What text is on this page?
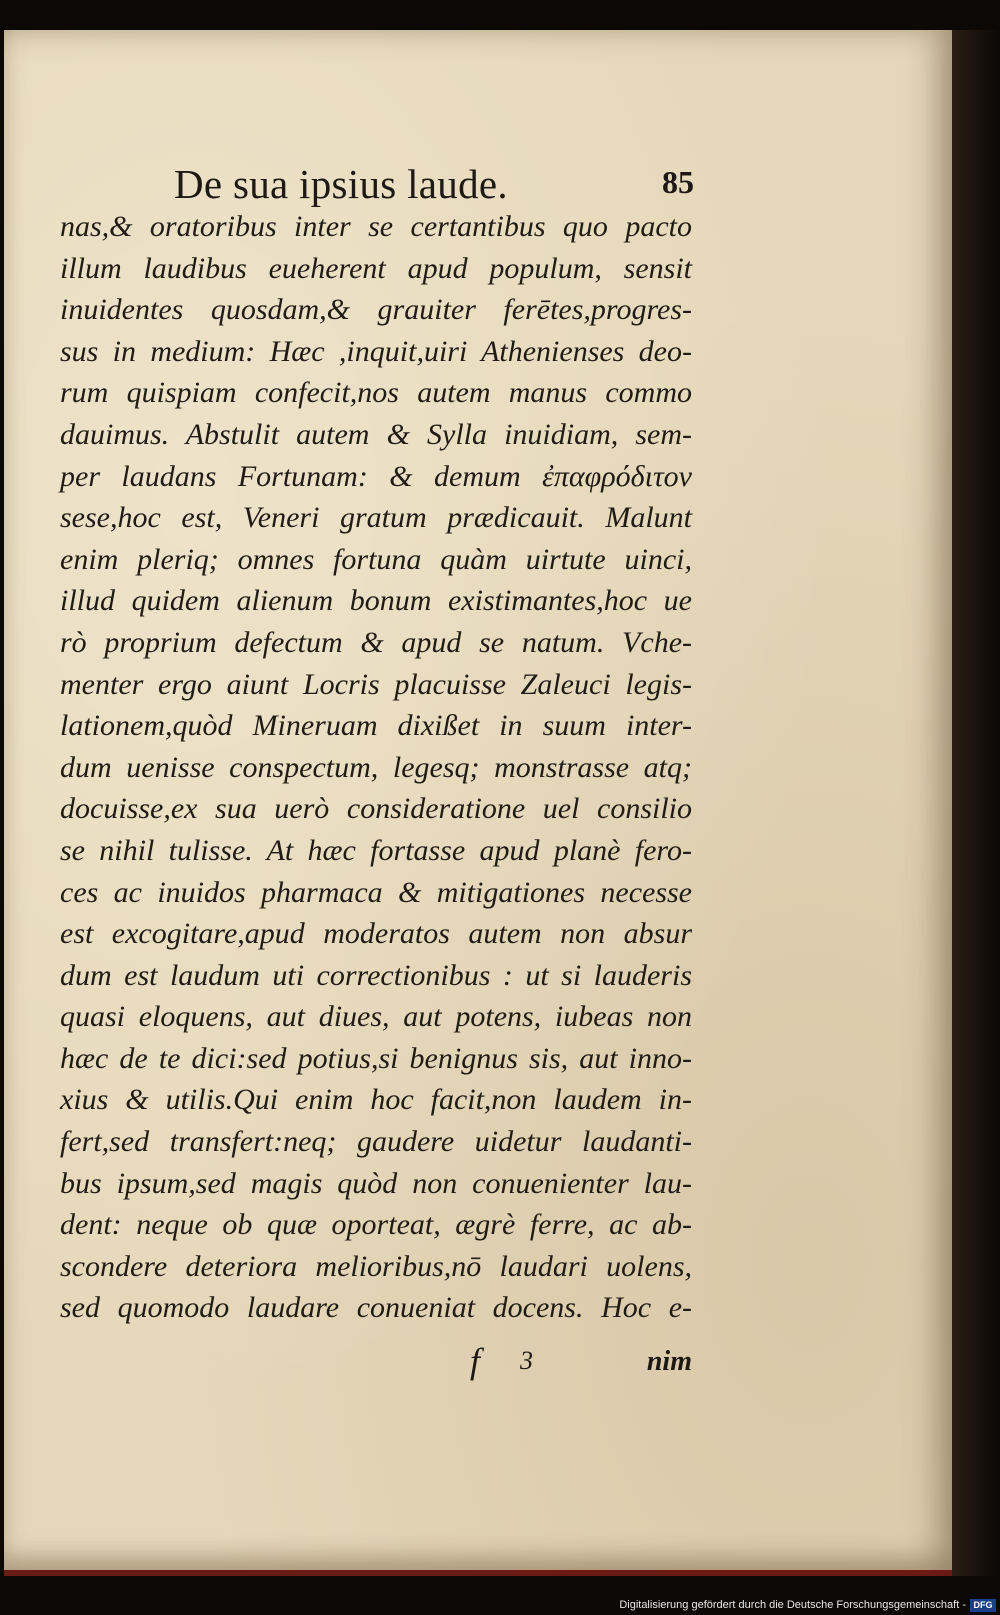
De sua ipsius laude.	85
nas,& oratoribus inter se certantibus quo pacto
illum laudibus eueherent apud populum, sensit
inuidentes quosdam,& grauiter ferētes,progres-
sus in medium: Hæc ,inquit,uiri Athenienses deo-
rum quispiam confecit,nos autem manus commo
dauimus. Abstulit autem & Sylla inuidiam, sem-
per laudans Fortunam: & demum ἐπαφρόδιτον
sese,hoc est, Veneri gratum prædicauit. Malunt
enim pleriq; omnes fortuna quàm uirtute uinci,
illud quidem alienum bonum existimantes,hoc ue
rò proprium defectum & apud se natum. Vche-
menter ergo aiunt Locris placuisse Zaleuci legis-
lationem,quòd Mineruam dixißet in suum inter-
dum uenisse conspectum, legesq; monstrasse atq;
docuisse,ex sua uerò consideratione uel consilio
se nihil tulisse. At hæc fortasse apud planè fero-
ces ac inuidos pharmaca & mitigationes necesse
est excogitare,apud moderatos autem non absur
dum est laudum uti correctionibus : ut si lauderis
quasi eloquens, aut diues, aut potens, iubeas non
hæc de te dici:sed potius,si benignus sis, aut inno-
xius & utilis.Qui enim hoc facit,non laudem in-
fert,sed transfert:neq; gaudere uidetur laudanti-
bus ipsum,sed magis quòd non conuenienter lau-
dent: neque ob quæ oporteat, ægrè ferre, ac ab-
scondere deteriora melioribus,nō laudari uolens,
sed quomodo laudare conueniat docens. Hoc e-
f 3	nim
Digitalisierung gefördert durch die Deutsche Forschungsgemeinschaft - DFG
